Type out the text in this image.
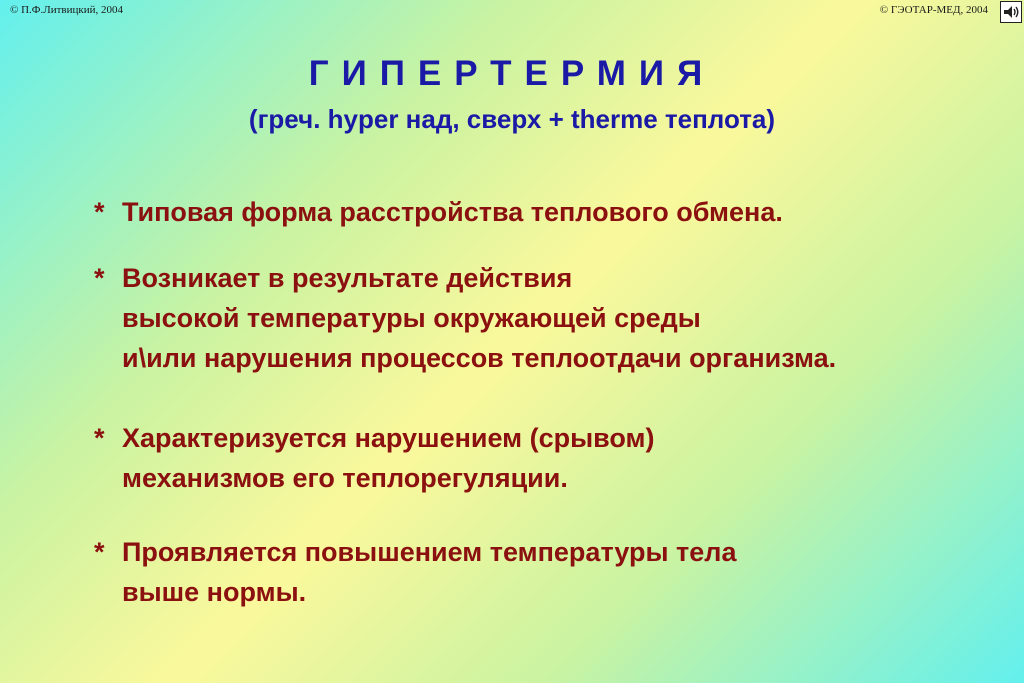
© П.Ф.Литвицкий, 2004	© ГЭОТАР-МЕД, 2004
ГИПЕРТЕРМИЯ
(греч. hyper над, сверх + therme теплота)
* Типовая форма расстройства теплового обмена.
* Возникает в результате действия
высокой температуры окружающей среды
и\или нарушения процессов теплоотдачи организма.
* Характеризуется нарушением (срывом)
механизмов его теплорегуляции.
* Проявляется повышением температуры тела
выше нормы.
